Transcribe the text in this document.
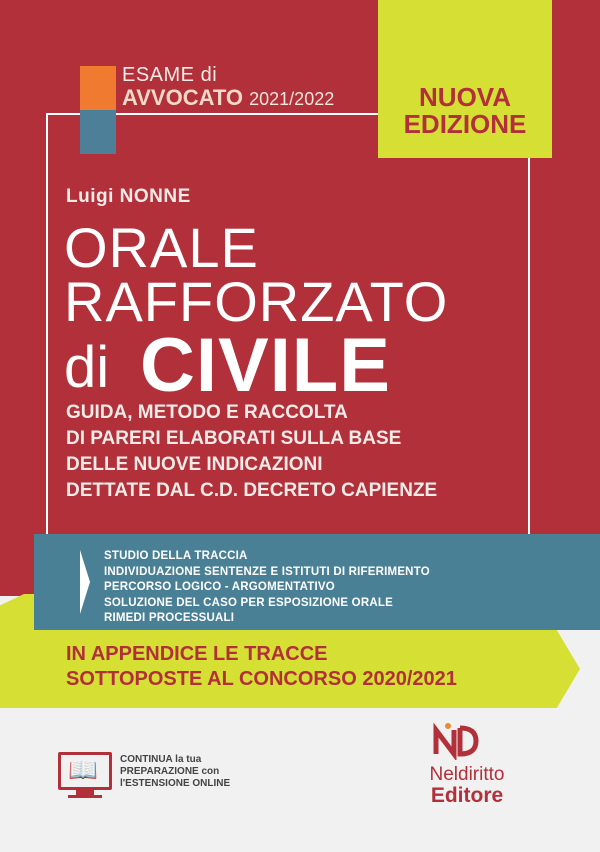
ESAME di
AVVOCATO 2021/2022	NUOVA
EDIZIONE
Luigi NONNE
ORALE
RAFFORZATO
di CIVILE
GUIDA, METODO E RACCOLTA
DI PARERI ELABORATI SULLA BASE
DELLE NUOVE INDICAZIONI
DETTATE DAL C.D. DECRETO CAPIENZE
STUDIO DELLA TRACCIA
INDIVIDUAZIONE SENTENZE E ISTITUTI DI RIFERIMENTO
PERCORSO LOGICO - ARGOMENTATIVO
SOLUZIONE DEL CASO PER ESPOSIZIONE ORALE
RIMEDI PROCESSUALI
IN APPENDICE LE TRACCE
SOTTOPOSTE AL CONCORSO 2020/2021
📖 CONTINUA la tua
PREPARAZIONE con
l'ESTENSIONE ONLINE	Neldiritto
Editore
